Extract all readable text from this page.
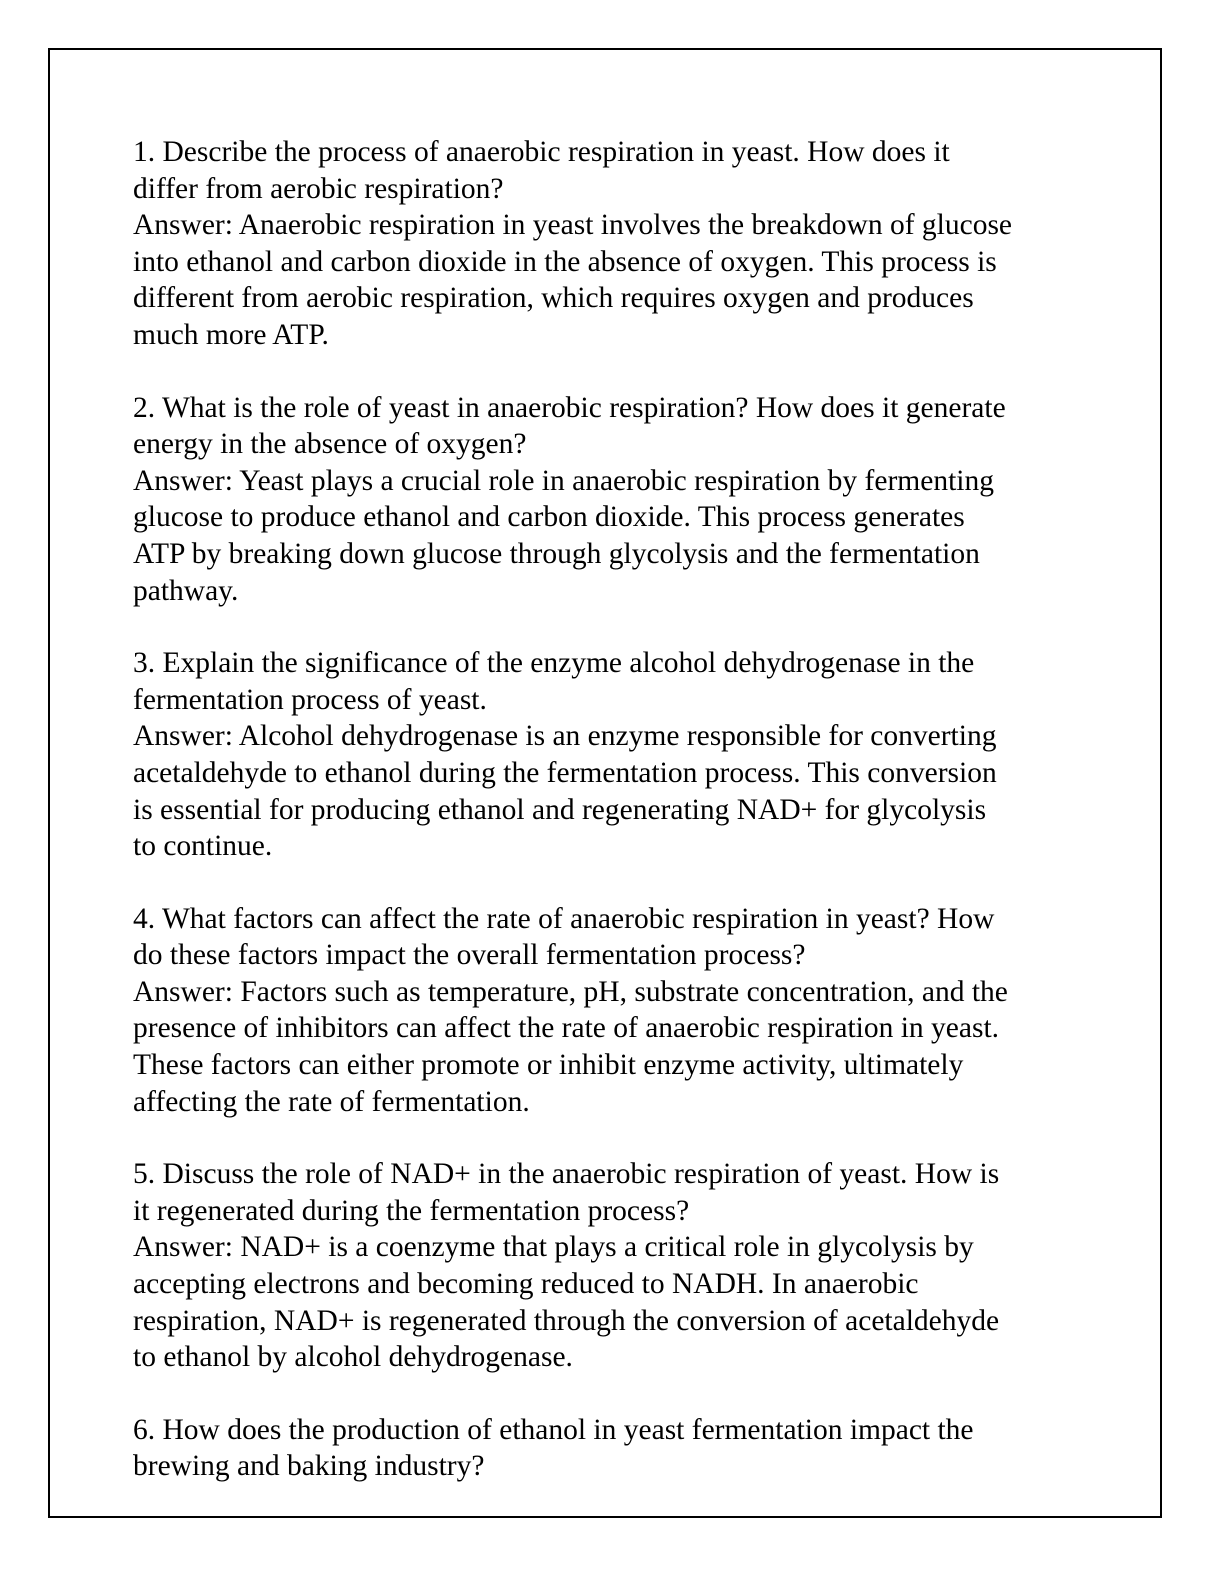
1. Describe the process of anaerobic respiration in yeast. How does it
differ from aerobic respiration?
Answer: Anaerobic respiration in yeast involves the breakdown of glucose
into ethanol and carbon dioxide in the absence of oxygen. This process is
different from aerobic respiration, which requires oxygen and produces
much more ATP.
2. What is the role of yeast in anaerobic respiration? How does it generate
energy in the absence of oxygen?
Answer: Yeast plays a crucial role in anaerobic respiration by fermenting
glucose to produce ethanol and carbon dioxide. This process generates
ATP by breaking down glucose through glycolysis and the fermentation
pathway.
3. Explain the significance of the enzyme alcohol dehydrogenase in the
fermentation process of yeast.
Answer: Alcohol dehydrogenase is an enzyme responsible for converting
acetaldehyde to ethanol during the fermentation process. This conversion
is essential for producing ethanol and regenerating NAD+ for glycolysis
to continue.
4. What factors can affect the rate of anaerobic respiration in yeast? How
do these factors impact the overall fermentation process?
Answer: Factors such as temperature, pH, substrate concentration, and the
presence of inhibitors can affect the rate of anaerobic respiration in yeast.
These factors can either promote or inhibit enzyme activity, ultimately
affecting the rate of fermentation.
5. Discuss the role of NAD+ in the anaerobic respiration of yeast. How is
it regenerated during the fermentation process?
Answer: NAD+ is a coenzyme that plays a critical role in glycolysis by
accepting electrons and becoming reduced to NADH. In anaerobic
respiration, NAD+ is regenerated through the conversion of acetaldehyde
to ethanol by alcohol dehydrogenase.
6. How does the production of ethanol in yeast fermentation impact the
brewing and baking industry?
